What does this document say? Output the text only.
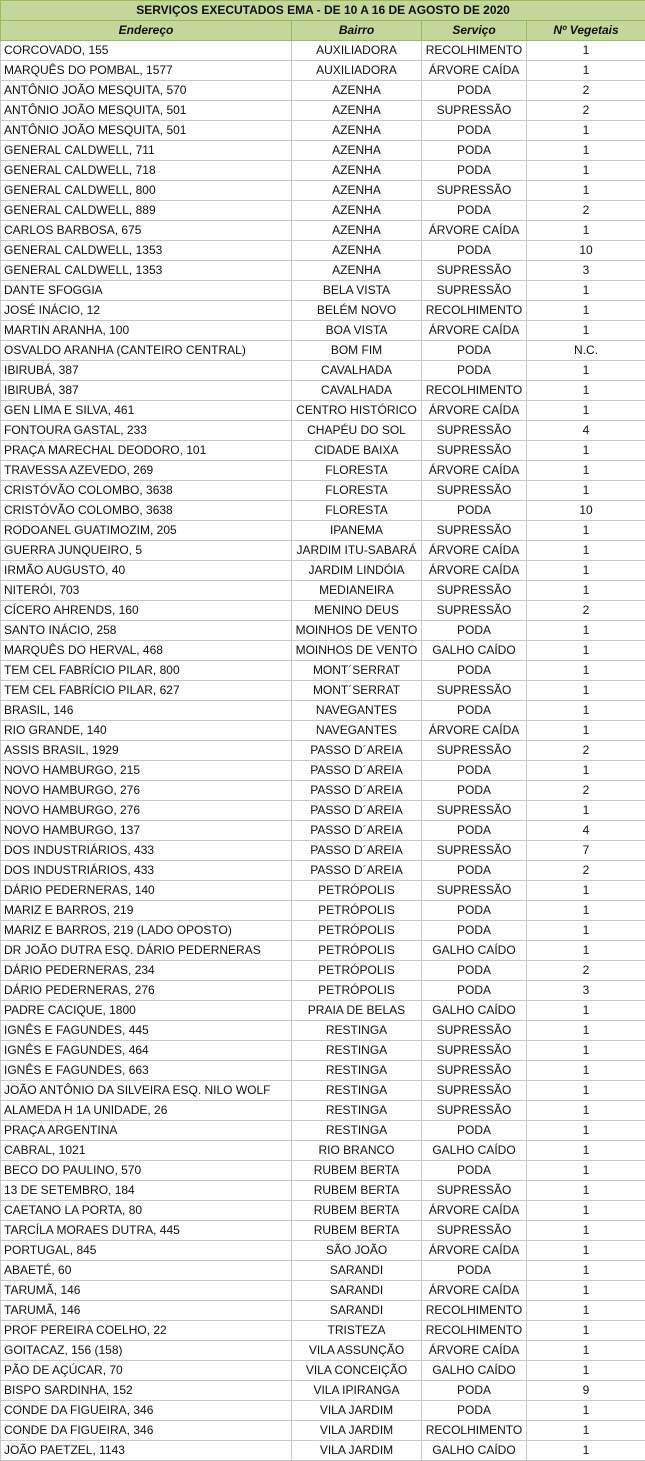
SERVIÇOS EXECUTADOS EMA - DE 10 A 16 DE AGOSTO DE 2020			
Endereço	Bairro	Serviço	Nº Vegetais
CORCOVADO, 155	AUXILIADORA	RECOLHIMENTO	1
MARQUÊS DO POMBAL, 1577	AUXILIADORA	ÁRVORE CAÍDA	1
ANTÔNIO JOÃO MESQUITA, 570	AZENHA	PODA	2
ANTÔNIO JOÃO MESQUITA, 501	AZENHA	SUPRESSÃO	2
ANTÔNIO JOÃO MESQUITA, 501	AZENHA	PODA	1
GENERAL CALDWELL, 711	AZENHA	PODA	1
GENERAL CALDWELL, 718	AZENHA	PODA	1
GENERAL CALDWELL, 800	AZENHA	SUPRESSÃO	1
GENERAL CALDWELL, 889	AZENHA	PODA	2
CARLOS BARBOSA, 675	AZENHA	ÁRVORE CAÍDA	1
GENERAL CALDWELL, 1353	AZENHA	PODA	10
GENERAL CALDWELL, 1353	AZENHA	SUPRESSÃO	3
DANTE SFOGGIA	BELA VISTA	SUPRESSÃO	1
JOSÉ INÁCIO, 12	BELÉM NOVO	RECOLHIMENTO	1
MARTIN ARANHA, 100	BOA VISTA	ÁRVORE CAÍDA	1
OSVALDO ARANHA (CANTEIRO CENTRAL)	BOM FIM	PODA	N.C.
IBIRUBÁ, 387	CAVALHADA	PODA	1
IBIRUBÁ, 387	CAVALHADA	RECOLHIMENTO	1
GEN LIMA E SILVA, 461	CENTRO HISTÓRICO	ÁRVORE CAÍDA	1
FONTOURA GASTAL, 233	CHAPÉU DO SOL	SUPRESSÃO	4
PRAÇA MARECHAL DEODORO, 101	CIDADE BAIXA	SUPRESSÃO	1
TRAVESSA AZEVEDO, 269	FLORESTA	ÁRVORE CAÍDA	1
CRISTÓVÃO COLOMBO, 3638	FLORESTA	SUPRESSÃO	1
CRISTÓVÃO COLOMBO, 3638	FLORESTA	PODA	10
RODOANEL GUATIMOZIM, 205	IPANEMA	SUPRESSÃO	1
GUERRA JUNQUEIRO, 5	JARDIM ITU-SABARÁ	ÁRVORE CAÍDA	1
IRMÃO AUGUSTO, 40	JARDIM LINDÓIA	ÁRVORE CAÍDA	1
NITERÓI, 703	MEDIANEIRA	SUPRESSÃO	1
CÍCERO AHRENDS, 160	MENINO DEUS	SUPRESSÃO	2
SANTO INÁCIO, 258	MOINHOS DE VENTO	PODA	1
MARQUÊS DO HERVAL, 468	MOINHOS DE VENTO	GALHO CAÍDO	1
TEM CEL FABRÍCIO PILAR, 800	MONT´SERRAT	PODA	1
TEM CEL FABRÍCIO PILAR, 627	MONT´SERRAT	SUPRESSÃO	1
BRASIL, 146	NAVEGANTES	PODA	1
RIO GRANDE, 140	NAVEGANTES	ÁRVORE CAÍDA	1
ASSIS BRASIL, 1929	PASSO D´AREIA	SUPRESSÃO	2
NOVO HAMBURGO, 215	PASSO D´AREIA	PODA	1
NOVO HAMBURGO, 276	PASSO D´AREIA	PODA	2
NOVO HAMBURGO, 276	PASSO D´AREIA	SUPRESSÃO	1
NOVO HAMBURGO, 137	PASSO D´AREIA	PODA	4
DOS INDUSTRIÁRIOS, 433	PASSO D´AREIA	SUPRESSÃO	7
DOS INDUSTRIÁRIOS, 433	PASSO D´AREIA	PODA	2
DÁRIO PEDERNERAS, 140	PETRÓPOLIS	SUPRESSÃO	1
MARIZ E BARROS, 219	PETRÓPOLIS	PODA	1
MARIZ E BARROS, 219 (LADO OPOSTO)	PETRÓPOLIS	PODA	1
DR JOÃO DUTRA ESQ. DÁRIO PEDERNERAS	PETRÓPOLIS	GALHO CAÍDO	1
DÁRIO PEDERNERAS, 234	PETRÓPOLIS	PODA	2
DÁRIO PEDERNERAS, 276	PETRÓPOLIS	PODA	3
PADRE CACIQUE, 1800	PRAIA DE BELAS	GALHO CAÍDO	1
IGNÊS E FAGUNDES, 445	RESTINGA	SUPRESSÃO	1
IGNÊS E FAGUNDES, 464	RESTINGA	SUPRESSÃO	1
IGNÊS E FAGUNDES, 663	RESTINGA	SUPRESSÃO	1
JOÃO ANTÔNIO DA SILVEIRA ESQ. NILO WOLF	RESTINGA	SUPRESSÃO	1
ALAMEDA H 1A UNIDADE, 26	RESTINGA	SUPRESSÃO	1
PRAÇA ARGENTINA	RESTINGA	PODA	1
CABRAL, 1021	RIO BRANCO	GALHO CAÍDO	1
BECO DO PAULINO, 570	RUBEM BERTA	PODA	1
13 DE SETEMBRO, 184	RUBEM BERTA	SUPRESSÃO	1
CAETANO LA PORTA, 80	RUBEM BERTA	ÁRVORE CAÍDA	1
TARCÍLA MORAES DUTRA, 445	RUBEM BERTA	SUPRESSÃO	1
PORTUGAL, 845	SÃO JOÃO	ÁRVORE CAÍDA	1
ABAETÉ, 60	SARANDI	PODA	1
TARUMÃ, 146	SARANDI	ÁRVORE CAÍDA	1
TARUMÃ, 146	SARANDI	RECOLHIMENTO	1
PROF PEREIRA COELHO, 22	TRISTEZA	RECOLHIMENTO	1
GOITACAZ, 156 (158)	VILA ASSUNÇÃO	ÁRVORE CAÍDA	1
PÃO DE AÇÚCAR, 70	VILA CONCEIÇÃO	GALHO CAÍDO	1
BISPO SARDINHA, 152	VILA IPIRANGA	PODA	9
CONDE DA FIGUEIRA, 346	VILA JARDIM	PODA	1
CONDE DA FIGUEIRA, 346	VILA JARDIM	RECOLHIMENTO	1
JOÃO PAETZEL, 1143	VILA JARDIM	GALHO CAÍDO	1
